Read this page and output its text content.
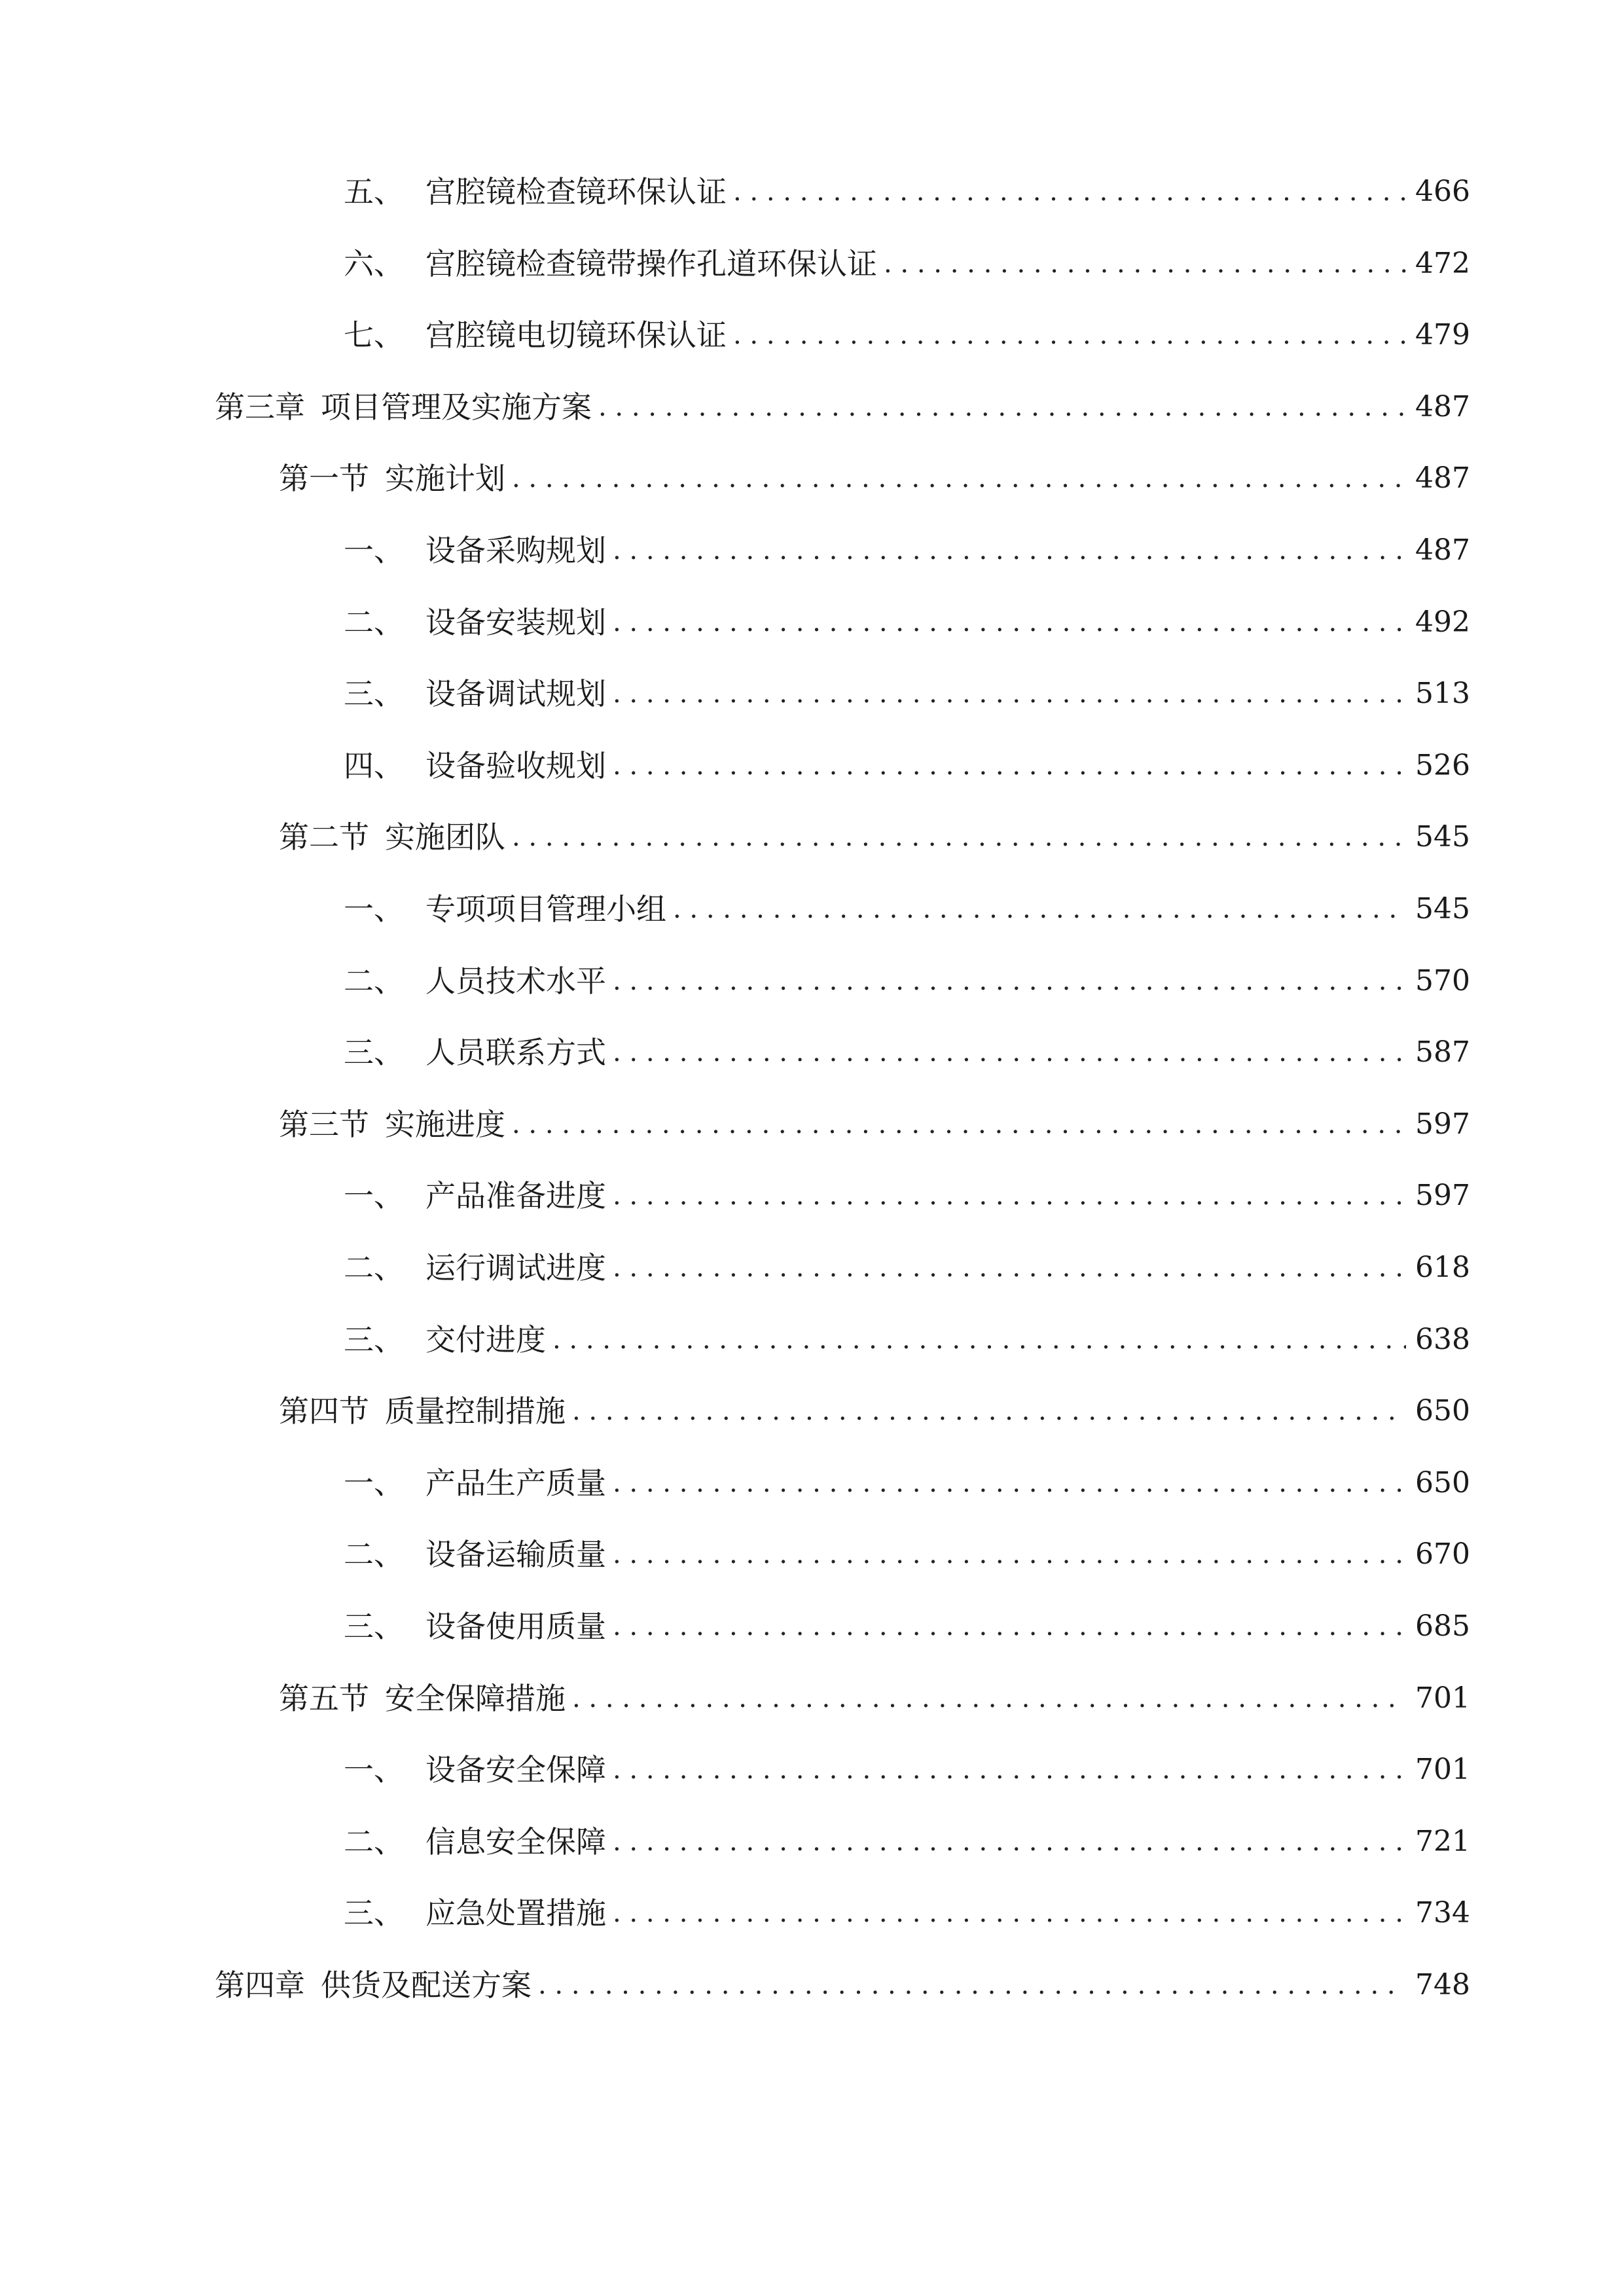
五、 宫腔镜检查镜环保认证 . . .	466
六、 宫腔镜检查镜带操作孔道环保认证 . . .	472
七、 宫腔镜电切镜环保认证 . . .	479
第三章 项目管理及实施方案 . . .	487
第一节 实施计划 . . .	487
一、 设备采购规划 . . .	487
二、 设备安装规划 . . .	492
三、 设备调试规划 . . .	513
四、 设备验收规划 . . .	526
第二节 实施团队 . . .	545
一、 专项项目管理小组 . . .	545
二、 人员技术水平 . . .	570
三、 人员联系方式 . . .	587
第三节 实施进度 . . .	597
一、 产品准备进度 . . .	597
二、 运行调试进度 . . .	618
三、 交付进度 . . .	638
第四节 质量控制措施 . . .	650
一、 产品生产质量 . . .	650
二、 设备运输质量 . . .	670
三、 设备使用质量 . . .	685
第五节 安全保障措施 . . .	701
一、 设备安全保障 . . .	701
二、 信息安全保障 . . .	721
三、 应急处置措施 . . .	734
第四章 供货及配送方案 . . .	748
